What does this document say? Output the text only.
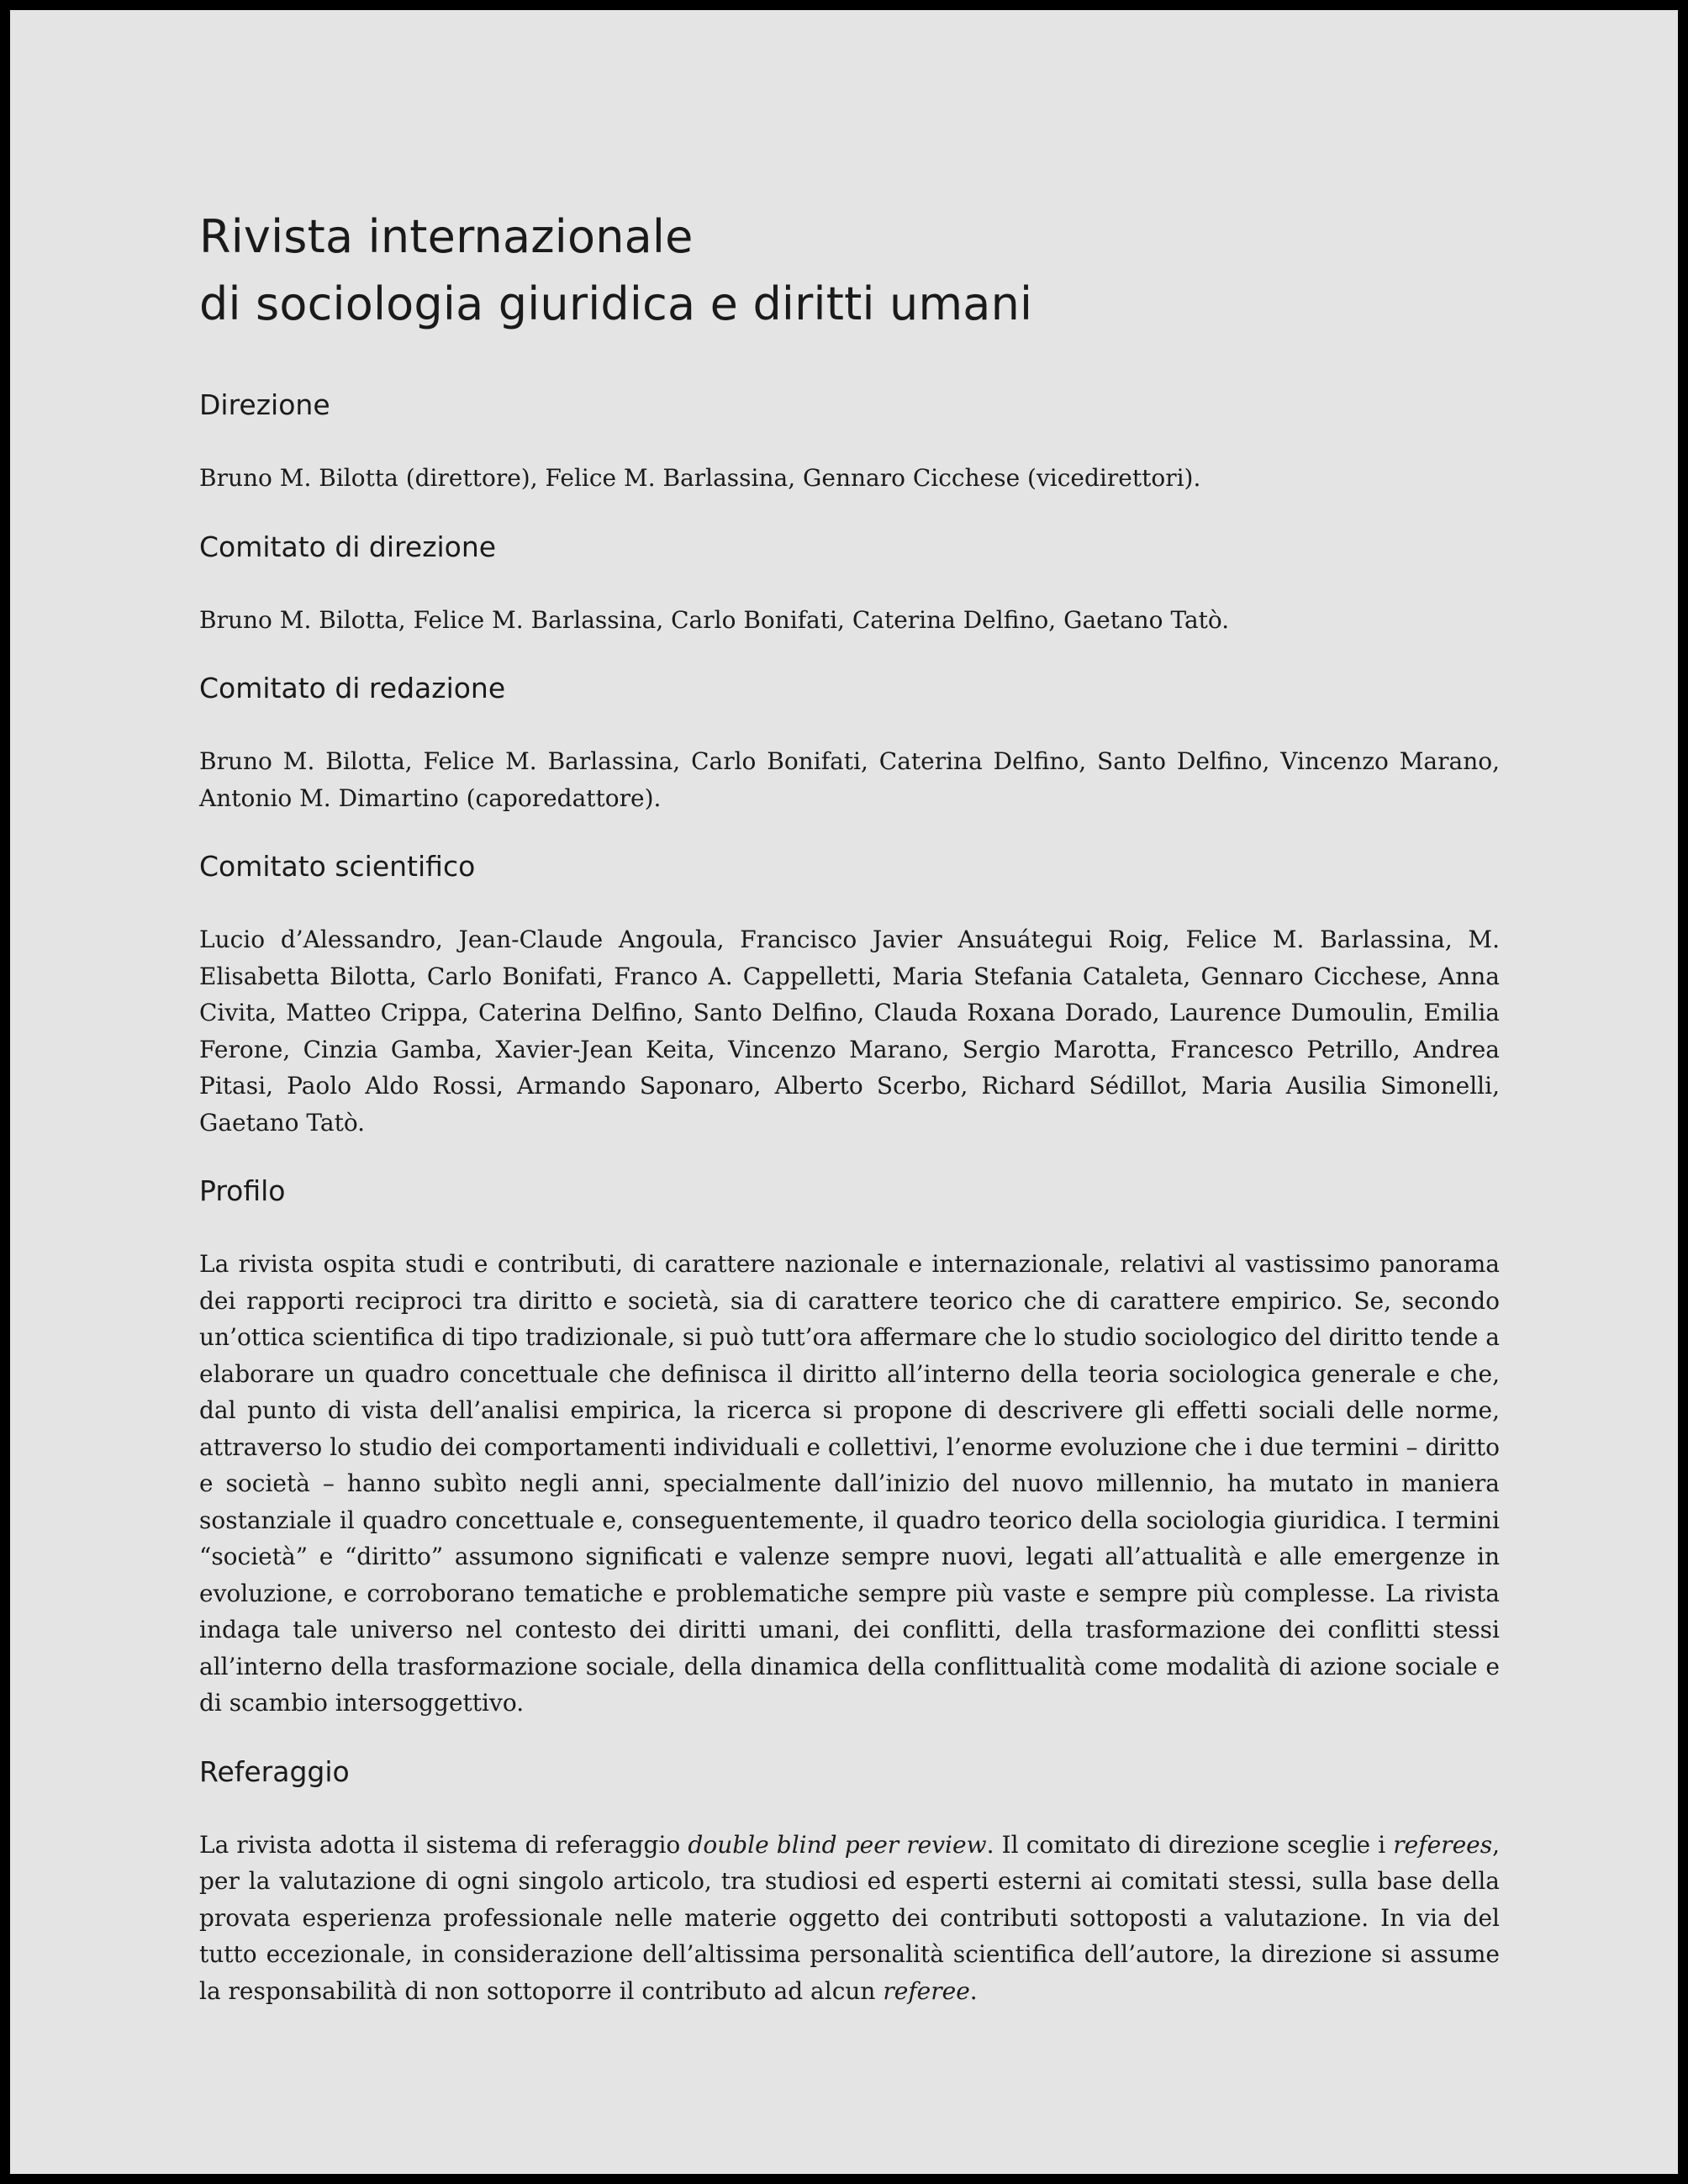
Rivista internazionale
di sociologia giuridica e diritti umani
Direzione

Bruno M. Bilotta (direttore), Felice M. Barlassina, Gennaro Cicchese (vicedirettori).

Comitato di direzione

Bruno M. Bilotta, Felice M. Barlassina, Carlo Bonifati, Caterina Delfino, Gaetano Tatò.

Comitato di redazione

Bruno M. Bilotta, Felice M. Barlassina, Carlo Bonifati, Caterina Delfino, Santo Delfino, Vincenzo Marano, Antonio M. Dimartino (caporedattore).

Comitato scientifico

Lucio d’Alessandro, Jean-Claude Angoula, Francisco Javier Ansuátegui Roig, Felice M. Barlassina, M. Elisabetta Bilotta, Carlo Bonifati, Franco A. Cappelletti, Maria Stefania Cataleta, Gennaro Cicchese, Anna Civita, Matteo Crippa, Caterina Delfino, Santo Delfino, Clauda Roxana Dorado, Laurence Dumoulin, Emilia Ferone, Cinzia Gamba, Xavier-Jean Keita, Vincenzo Marano, Sergio Marotta, Francesco Petrillo, Andrea Pitasi, Paolo Aldo Rossi, Armando Saponaro, Alberto Scerbo, Richard Sédillot, Maria Ausilia Simonelli, Gaetano Tatò.

Profilo

La rivista ospita studi e contributi, di carattere nazionale e internazionale, relativi al vastissimo panorama dei rapporti reciproci tra diritto e società, sia di carattere teorico che di carattere empirico. Se, secondo un’ottica scientifica di tipo tradizionale, si può tutt’ora affermare che lo studio sociologico del diritto tende a elaborare un quadro concettuale che definisca il diritto all’interno della teoria sociologica generale e che, dal punto di vista dell’analisi empirica, la ricerca si propone di descrivere gli effetti sociali delle norme, attraverso lo studio dei comportamenti individuali e collettivi, l’enorme evoluzione che i due termini – diritto e società – hanno subìto negli anni, specialmente dall’inizio del nuovo millennio, ha mutato in maniera sostanziale il quadro concettuale e, conseguentemente, il quadro teorico della sociologia giuridica. I termini “società” e “diritto” assumono significati e valenze sempre nuovi, legati all’attualità e alle emergenze in evoluzione, e corroborano tematiche e problematiche sempre più vaste e sempre più complesse. La rivista indaga tale universo nel contesto dei diritti umani, dei conflitti, della trasformazione dei conflitti stessi all’interno della trasformazione sociale, della dinamica della conflittualità come modalità di azione sociale e di scambio intersoggettivo.

Referaggio

La rivista adotta il sistema di referaggio double blind peer review. Il comitato di direzione sceglie i referees, per la valutazione di ogni singolo articolo, tra studiosi ed esperti esterni ai comitati stessi, sulla base della provata esperienza professionale nelle materie oggetto dei contributi sottoposti a valutazione. In via del tutto eccezionale, in considerazione dell’altissima personalità scientifica dell’autore, la direzione si assume la responsabilità di non sottoporre il contributo ad alcun referee.
